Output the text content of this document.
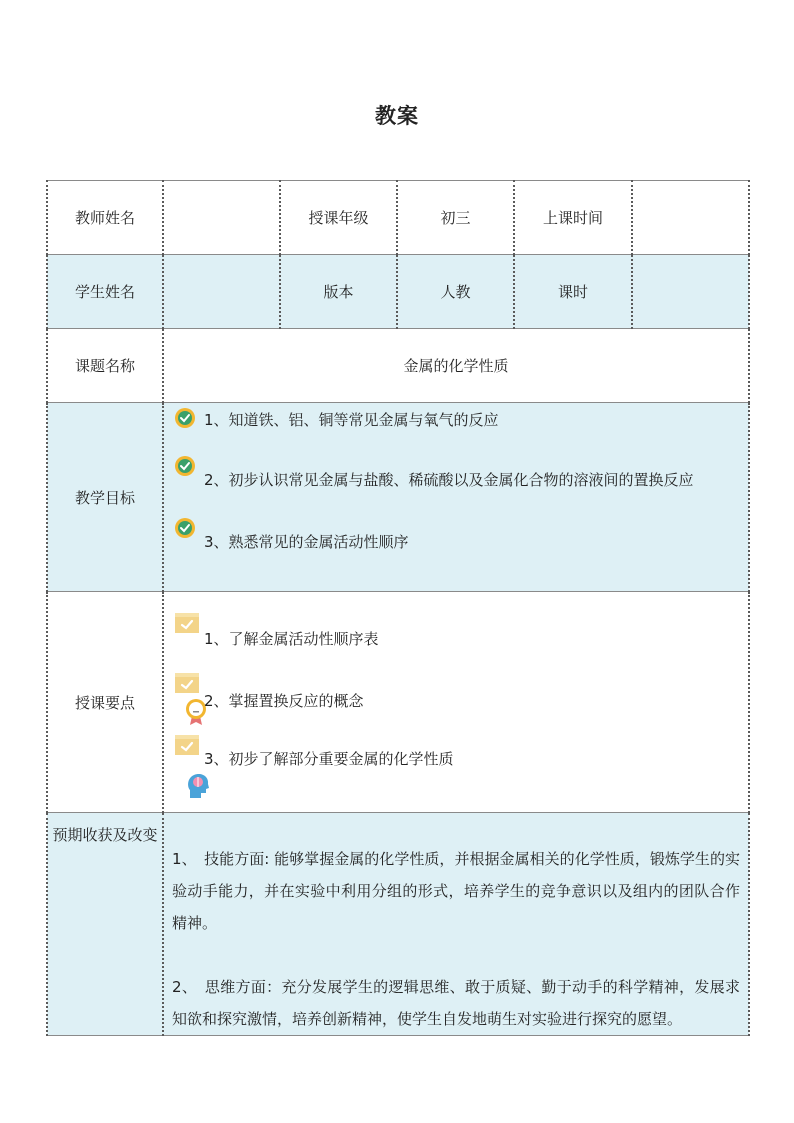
教案
教师姓名		授课年级	初三	上课时间	
学生姓名		版本	人教	课时	
课题名称	金属的化学性质				
教学目标	1、知道铁、铝、铜等常见金属与氧气的反应
2、初步认识常见金属与盐酸、稀硫酸以及金属化合物的溶液间的置换反应
3、熟悉常见的金属活动性顺序				

授课要点	1、了解金属活动性顺序表
2、掌握置换反应的概念
3、初步了解部分重要金属的化学性质				

预期收获及改变	1、　技能方面: 能够掌握金属的化学性质，并根据金属相关的化学性质，锻炼学生的实验动手能力，并在实验中利用分组的形式，培养学生的竞争意识以及组内的团队合作精神。

2、　思维方面：充分发展学生的逻辑思维、敢于质疑、勤于动手的科学精神，发展求知欲和探究激情，培养创新精神，使学生自发地萌生对实验进行探究的愿望。				
